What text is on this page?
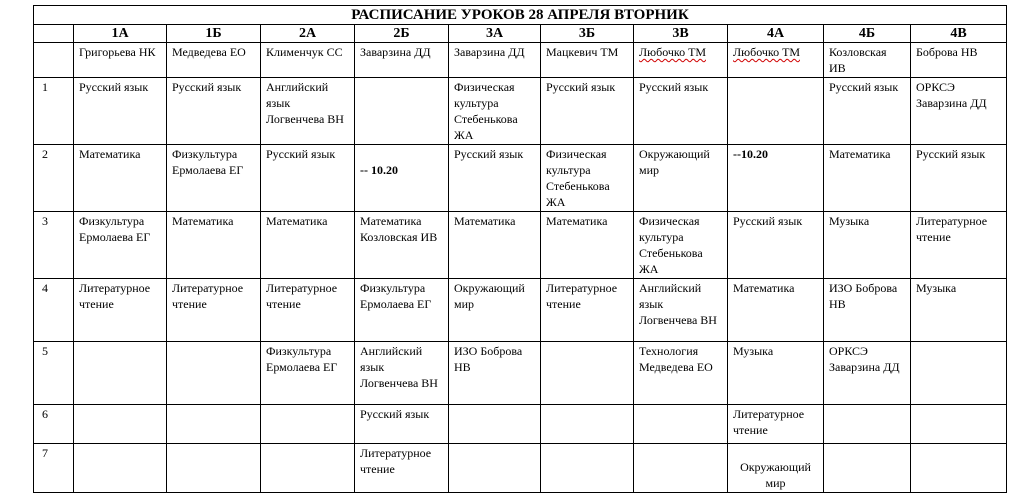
РАСПИСАНИЕ УРОКОВ 28 АПРЕЛЯ ВТОРНИК										
	1А	1Б	2А	2Б	3А	3Б	3В	4А	4Б	4В
	Григорьева НК	Медведева ЕО	Клименчук СС	Заварзина ДД	Заварзина ДД	Мацкевич ТМ	Любочко ТМ	Любочко ТМ	Козловская ИВ	Боброва НВ
1	Русский язык	Русский язык	Английский язык Логвенчева ВН		Физическая культура Стебенькова ЖА	Русский язык	Русский язык		Русский язык	ОРКСЭ Заварзина ДД
2	Математика	Физкультура Ермолаева ЕГ	Русский язык	-- 10.20	Русский язык	Физическая культура Стебенькова ЖА	Окружающий мир	--10.20	Математика	Русский язык
3	Физкультура Ермолаева ЕГ	Математика	Математика	Математика Козловская ИВ	Математика	Математика	Физическая культура Стебенькова ЖА	Русский язык	Музыка	Литературное чтение
4	Литературное чтение	Литературное чтение	Литературное чтение	Физкультура Ермолаева ЕГ	Окружающий мир	Литературное чтение	Английский язык Логвенчева ВН	Математика	ИЗО Боброва НВ	Музыка
5			Физкультура Ермолаева ЕГ	Английский язык Логвенчева ВН	ИЗО Боброва НВ		Технология Медведева ЕО	Музыка	ОРКСЭ Заварзина ДД	
6				Русский язык				Литературное чтение		
7				Литературное чтение				Окружающий мир		
